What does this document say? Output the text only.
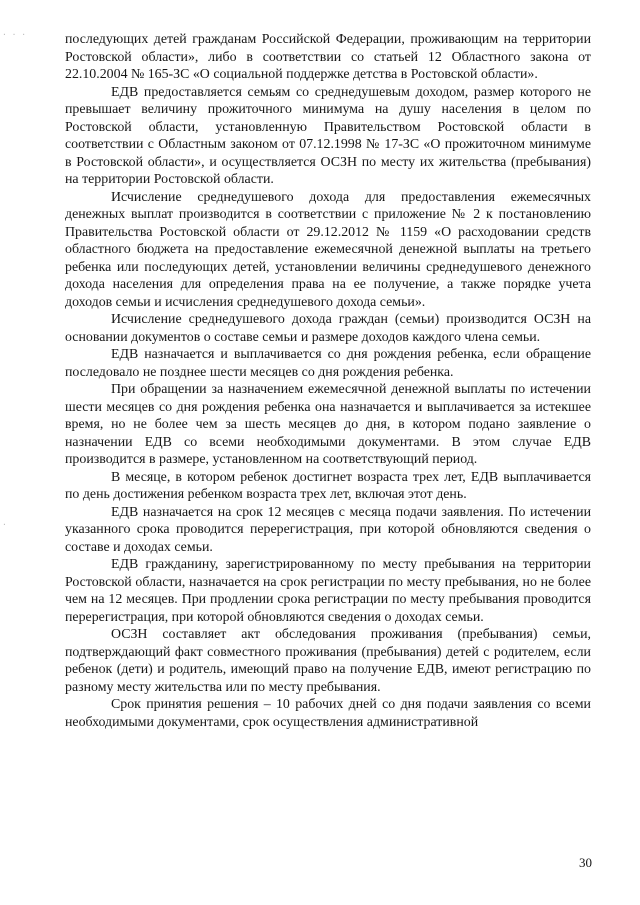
· · ·
·

последующих детей гражданам Российской Федерации, проживающим на территории Ростовской области», либо в соответствии со статьей 12 Областного закона от 22.10.2004 № 165-ЗС «О социальной поддержке детства в Ростовской области».

ЕДВ предоставляется семьям со среднедушевым доходом, размер которого не превышает величину прожиточного минимума на душу населения в целом по Ростовской области, установленную Правительством Ростовской области в соответствии с Областным законом от 07.12.1998 № 17-ЗС «О прожиточном минимуме в Ростовской области», и осуществляется ОСЗН по месту их жительства (пребывания) на территории Ростовской области.

Исчисление среднедушевого дохода для предоставления ежемесячных денежных выплат производится в соответствии с приложение № 2 к постановлению Правительства Ростовской области от 29.12.2012 № 1159 «О расходовании средств областного бюджета на предоставление ежемесячной денежной выплаты на третьего ребенка или последующих детей, установлении величины среднедушевого денежного дохода населения для определения права на ее получение, а также порядке учета доходов семьи и исчисления среднедушевого дохода семьи».

Исчисление среднедушевого дохода граждан (семьи) производится ОСЗН на основании документов о составе семьи и размере доходов каждого члена семьи.

ЕДВ назначается и выплачивается со дня рождения ребенка, если обращение последовало не позднее шести месяцев со дня рождения ребенка.

При обращении за назначением ежемесячной денежной выплаты по истечении шести месяцев со дня рождения ребенка она назначается и выплачивается за истекшее время, но не более чем за шесть месяцев до дня, в котором подано заявление о назначении ЕДВ со всеми необходимыми документами. В этом случае ЕДВ производится в размере, установленном на соответствующий период.

В месяце, в котором ребенок достигнет возраста трех лет, ЕДВ выплачивается по день достижения ребенком возраста трех лет, включая этот день.

ЕДВ назначается на срок 12 месяцев с месяца подачи заявления. По истечении указанного срока проводится перерегистрация, при которой обновляются сведения о составе и доходах семьи.

ЕДВ гражданину, зарегистрированному по месту пребывания на территории Ростовской области, назначается на срок регистрации по месту пребывания, но не более чем на 12 месяцев. При продлении срока регистрации по месту пребывания проводится перерегистрация, при которой обновляются сведения о доходах семьи.

ОСЗН составляет акт обследования проживания (пребывания) семьи, подтверждающий факт совместного проживания (пребывания) детей с родителем, если ребенок (дети) и родитель, имеющий право на получение ЕДВ, имеют регистрацию по разному месту жительства или по месту пребывания.

Срок принятия решения – 10 рабочих дней со дня подачи заявления со всеми необходимыми документами, срок осуществления административной

30
